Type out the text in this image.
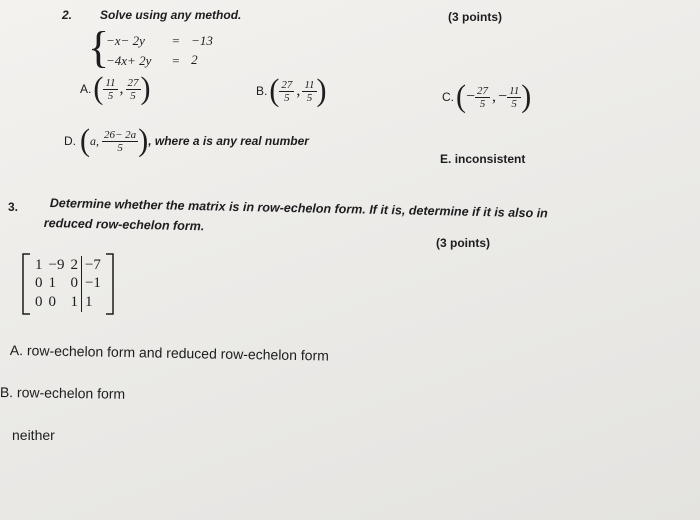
2. Solve using any method.	(3 points)
{
−x− 2y	=	−13
−4x+ 2y	=	2
A. ( $\frac{11}{5}$ , $\frac{27}{5}$ )	B. ( $\frac{27}{5}$ , $\frac{11}{5}$ )	C. ( − $\frac{27}{5}$ , − $\frac{11}{5}$ )
D. ( a, $\frac{26- 2a}{5}$ ) , where a is any real number
E. inconsistent
3.	Determine whether the matrix is in row-echelon form. If it is, determine if it is also in
reduced row-echelon form.
(3 points)
1	−9	2	−7
0	1	0	−1
0	0	1	1
A. row-echelon form and reduced row-echelon form
B. row-echelon form
neither
